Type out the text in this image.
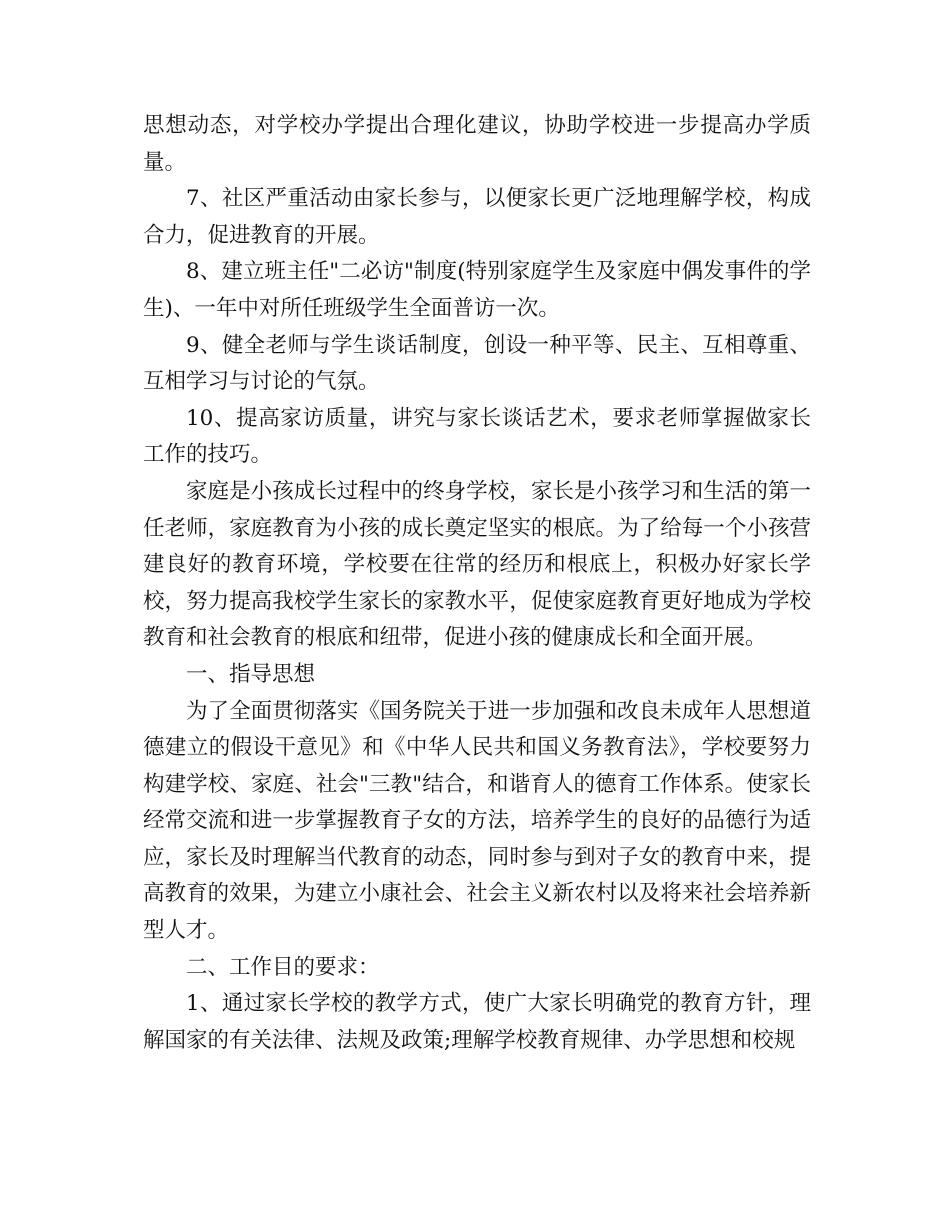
思想动态，对学校办学提出合理化建议，协助学校进一步提高办学质量。

7、社区严重活动由家长参与，以便家长更广泛地理解学校，构成合力，促进教育的开展。

8、建立班主任"二必访"制度(特别家庭学生及家庭中偶发事件的学生)、一年中对所任班级学生全面普访一次。

9、健全老师与学生谈话制度，创设一种平等、民主、互相尊重、互相学习与讨论的气氛。

10、提高家访质量，讲究与家长谈话艺术，要求老师掌握做家长工作的技巧。

家庭是小孩成长过程中的终身学校，家长是小孩学习和生活的第一任老师，家庭教育为小孩的成长奠定坚实的根底。为了给每一个小孩营建良好的教育环境，学校要在往常的经历和根底上，积极办好家长学校，努力提高我校学生家长的家教水平，促使家庭教育更好地成为学校教育和社会教育的根底和纽带，促进小孩的健康成长和全面开展。

一、指导思想

为了全面贯彻落实《国务院关于进一步加强和改良未成年人思想道德建立的假设干意见》和《中华人民共和国义务教育法》，学校要努力构建学校、家庭、社会"三教"结合，和谐育人的德育工作体系。使家长经常交流和进一步掌握教育子女的方法，培养学生的良好的品德行为适应，家长及时理解当代教育的动态，同时参与到对子女的教育中来，提高教育的效果，为建立小康社会、社会主义新农村以及将来社会培养新型人才。

二、工作目的要求：

1、通过家长学校的教学方式，使广大家长明确党的教育方针，理解国家的有关法律、法规及政策;理解学校教育规律、办学思想和校规
